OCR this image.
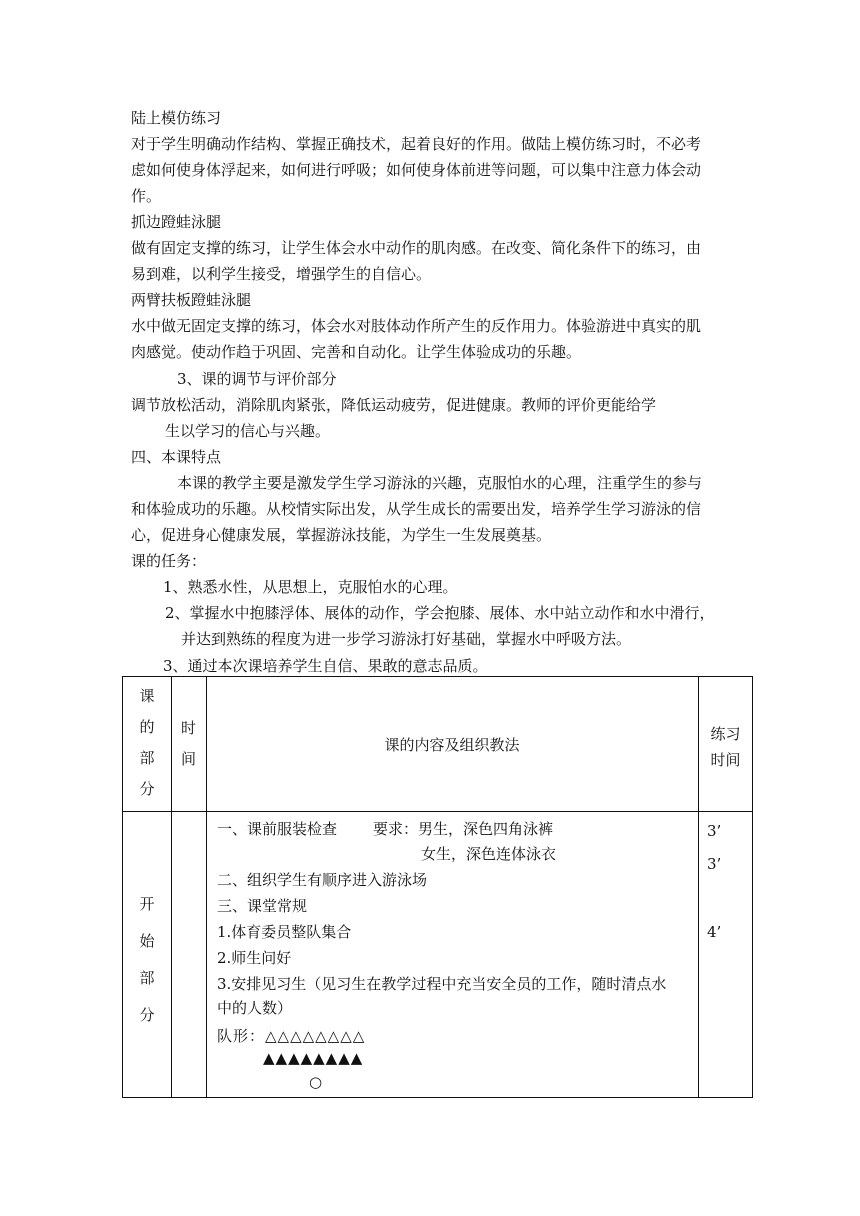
陆上模仿练习
对于学生明确动作结构、掌握正确技术，起着良好的作用。做陆上模仿练习时，不必考
虑如何使身体浮起来，如何进行呼吸；如何使身体前进等问题，可以集中注意力体会动
作。
抓边蹬蛙泳腿
做有固定支撑的练习，让学生体会水中动作的肌肉感。在改变、简化条件下的练习，由
易到难，以利学生接受，增强学生的自信心。
两臂扶板蹬蛙泳腿
水中做无固定支撑的练习，体会水对肢体动作所产生的反作用力。体验游进中真实的肌
肉感觉。使动作趋于巩固、完善和自动化。让学生体验成功的乐趣。
3、课的调节与评价部分
调节放松活动，消除肌肉紧张，降低运动疲劳，促进健康。教师的评价更能给学
生以学习的信心与兴趣。
四、本课特点
本课的教学主要是激发学生学习游泳的兴趣，克服怕水的心理，注重学生的参与
和体验成功的乐趣。从校情实际出发，从学生成长的需要出发，培养学生学习游泳的信
心，促进身心健康发展，掌握游泳技能，为学生一生发展奠基。
课的任务：
1、熟悉水性，从思想上，克服怕水的心理。
2、掌握水中抱膝浮体、展体的动作，学会抱膝、展体、水中站立动作和水中滑行，
并达到熟练的程度为进一步学习游泳打好基础，掌握水中呼吸方法。
3、通过本次课培养学生自信、果敢的意志品质。
课
的
部
分
时
间
课的内容及组织教法
练习
时间
开
始
部
分
一、课前服装检查 要求：男生，深色四角泳裤
女生，深色连体泳衣
二、组织学生有顺序进入游泳场
三、课堂常规
1.体育委员整队集合
2.师生问好
3.安排见习生（见习生在教学过程中充当安全员的工作，随时清点水
中的人数）
队形：△△△△△△△△
▲▲▲▲▲▲▲▲
○
3’
3’
4’
